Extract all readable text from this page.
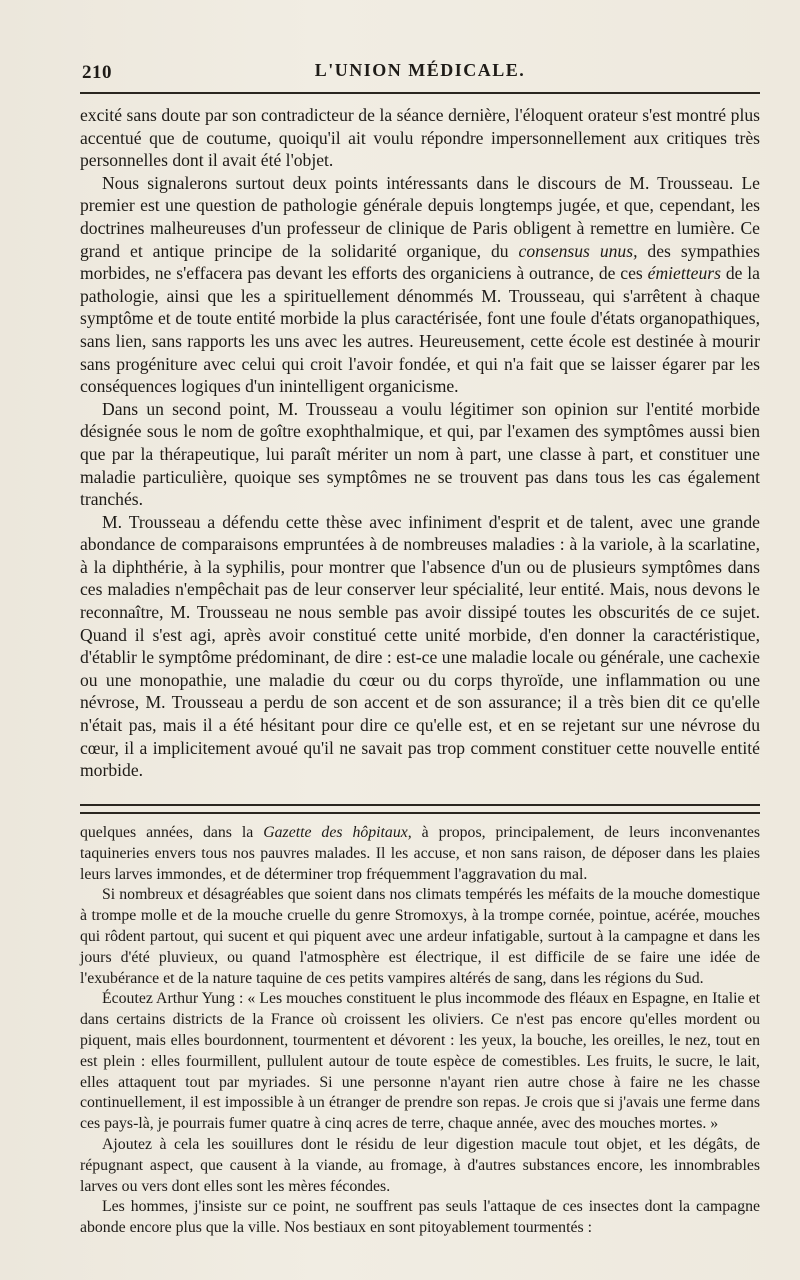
210	L'UNION MÉDICALE.

excité sans doute par son contradicteur de la séance dernière, l'éloquent orateur s'est montré plus accentué que de coutume, quoiqu'il ait voulu répondre impersonnellement aux critiques très personnelles dont il avait été l'objet.

Nous signalerons surtout deux points intéressants dans le discours de M. Trousseau. Le premier est une question de pathologie générale depuis longtemps jugée, et que, cependant, les doctrines malheureuses d'un professeur de clinique de Paris obligent à remettre en lumière. Ce grand et antique principe de la solidarité organique, du consensus unus, des sympathies morbides, ne s'effacera pas devant les efforts des organiciens à outrance, de ces émietteurs de la pathologie, ainsi que les a spirituellement dénommés M. Trousseau, qui s'arrêtent à chaque symptôme et de toute entité morbide la plus caractérisée, font une foule d'états organopathiques, sans lien, sans rapports les uns avec les autres. Heureusement, cette école est destinée à mourir sans progéniture avec celui qui croit l'avoir fondée, et qui n'a fait que se laisser égarer par les conséquences logiques d'un inintelligent organicisme.

Dans un second point, M. Trousseau a voulu légitimer son opinion sur l'entité morbide désignée sous le nom de goître exophthalmique, et qui, par l'examen des symptômes aussi bien que par la thérapeutique, lui paraît mériter un nom à part, une classe à part, et constituer une maladie particulière, quoique ses symptômes ne se trouvent pas dans tous les cas également tranchés.

M. Trousseau a défendu cette thèse avec infiniment d'esprit et de talent, avec une grande abondance de comparaisons empruntées à de nombreuses maladies : à la variole, à la scarlatine, à la diphthérie, à la syphilis, pour montrer que l'absence d'un ou de plusieurs symptômes dans ces maladies n'empêchait pas de leur conserver leur spécialité, leur entité. Mais, nous devons le reconnaître, M. Trousseau ne nous semble pas avoir dissipé toutes les obscurités de ce sujet. Quand il s'est agi, après avoir constitué cette unité morbide, d'en donner la caractéristique, d'établir le symptôme prédominant, de dire : est-ce une maladie locale ou générale, une cachexie ou une monopathie, une maladie du cœur ou du corps thyroïde, une inflammation ou une névrose, M. Trousseau a perdu de son accent et de son assurance; il a très bien dit ce qu'elle n'était pas, mais il a été hésitant pour dire ce qu'elle est, et en se rejetant sur une névrose du cœur, il a implicitement avoué qu'il ne savait pas trop comment constituer cette nouvelle entité morbide.

quelques années, dans la Gazette des hôpitaux, à propos, principalement, de leurs inconvenantes taquineries envers tous nos pauvres malades. Il les accuse, et non sans raison, de déposer dans les plaies leurs larves immondes, et de déterminer trop fréquemment l'aggravation du mal.

Si nombreux et désagréables que soient dans nos climats tempérés les méfaits de la mouche domestique à trompe molle et de la mouche cruelle du genre Stromoxys, à la trompe cornée, pointue, acérée, mouches qui rôdent partout, qui sucent et qui piquent avec une ardeur infatigable, surtout à la campagne et dans les jours d'été pluvieux, ou quand l'atmosphère est électrique, il est difficile de se faire une idée de l'exubérance et de la nature taquine de ces petits vampires altérés de sang, dans les régions du Sud.

Écoutez Arthur Yung : « Les mouches constituent le plus incommode des fléaux en Espagne, en Italie et dans certains districts de la France où croissent les oliviers. Ce n'est pas encore qu'elles mordent ou piquent, mais elles bourdonnent, tourmentent et dévorent : les yeux, la bouche, les oreilles, le nez, tout en est plein : elles fourmillent, pullulent autour de toute espèce de comestibles. Les fruits, le sucre, le lait, elles attaquent tout par myriades. Si une personne n'ayant rien autre chose à faire ne les chasse continuellement, il est impossible à un étranger de prendre son repas. Je crois que si j'avais une ferme dans ces pays-là, je pourrais fumer quatre à cinq acres de terre, chaque année, avec des mouches mortes. »

Ajoutez à cela les souillures dont le résidu de leur digestion macule tout objet, et les dégâts, de répugnant aspect, que causent à la viande, au fromage, à d'autres substances encore, les innombrables larves ou vers dont elles sont les mères fécondes.

Les hommes, j'insiste sur ce point, ne souffrent pas seuls l'attaque de ces insectes dont la campagne abonde encore plus que la ville. Nos bestiaux en sont pitoyablement tourmentés :
